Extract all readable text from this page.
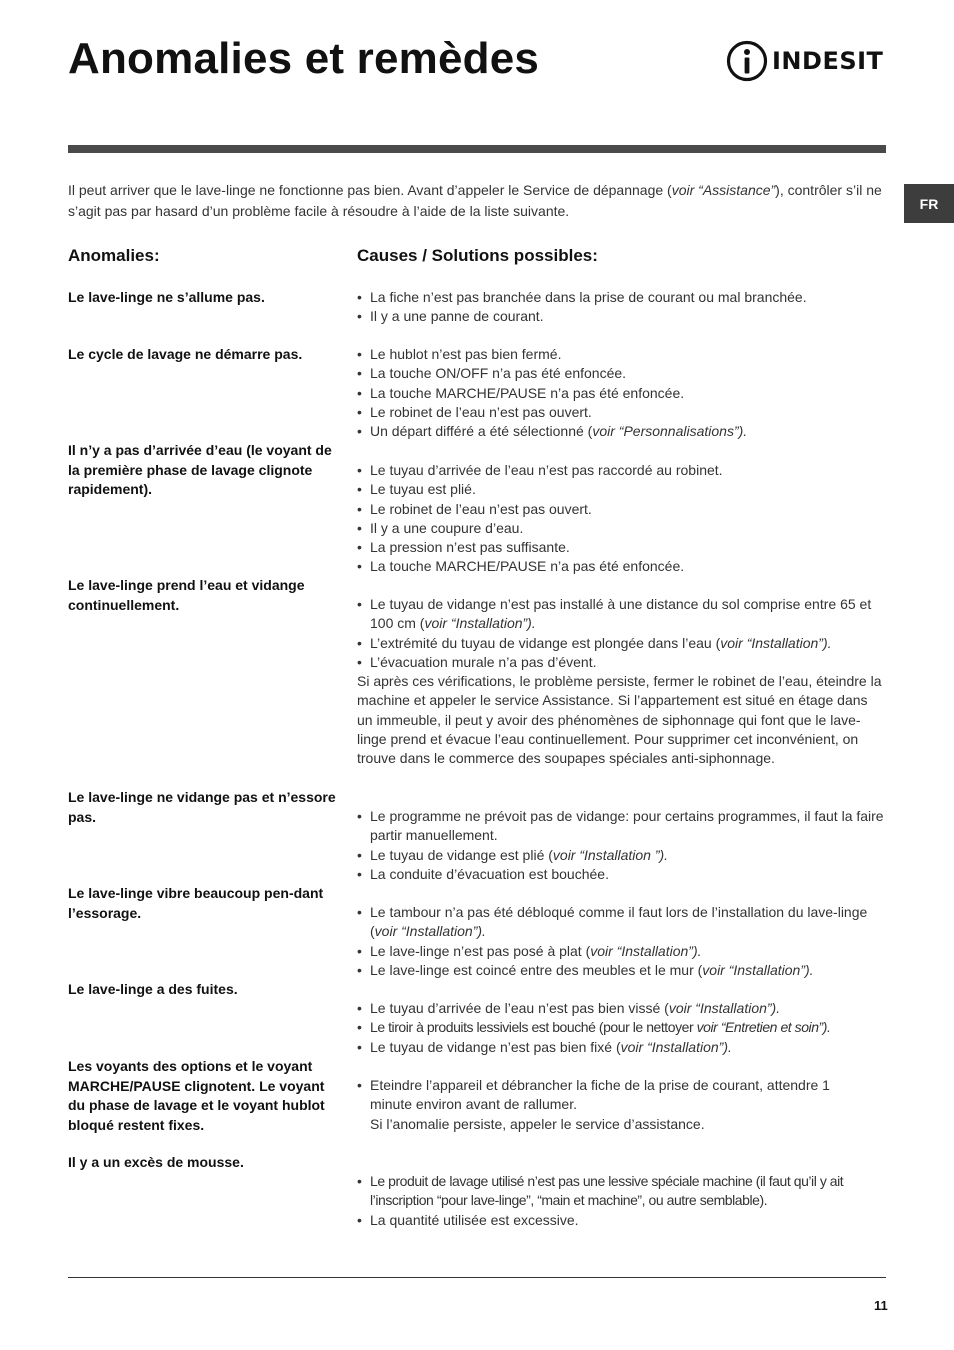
Anomalies et remèdes	INDESIT
FR

Il peut arriver que le lave-linge ne fonctionne pas bien. Avant d’appeler le Service de dépannage (voir “Assistance”), contrôler s’il ne s’agit pas par hasard d’un problème facile à résoudre à l’aide de la liste suivante.

Anomalies:	Causes / Solutions possibles:

Le lave-linge ne s’allume pas.	• La fiche n’est pas branchée dans la prise de courant ou mal branchée.
• Il y a une panne de courant.

Le cycle de lavage ne démarre pas.	• Le hublot n’est pas bien fermé.
• La touche ON/OFF n’a pas été enfoncée.
• La touche MARCHE/PAUSE n’a pas été enfoncée.
• Le robinet de l’eau n’est pas ouvert.
• Un départ différé a été sélectionné (voir “Personnalisations”).

Il n’y a pas d’arrivée d’eau (le voyant de la première phase de lavage clignote rapidement).

• Le tuyau d’arrivée de l’eau n’est pas raccordé au robinet.
• Le tuyau est plié.
• Le robinet de l’eau n’est pas ouvert.
• Il y a une coupure d’eau.
• La pression n’est pas suffisante.
• La touche MARCHE/PAUSE n’a pas été enfoncée.

Le lave-linge prend l’eau et vidange continuellement.	• Le tuyau de vidange n’est pas installé à une distance du sol comprise entre 65 et 100 cm (voir “Installation”).
• L’extrémité du tuyau de vidange est plongée dans l’eau (voir “Installation”).
• L’évacuation murale n’a pas d’évent.
Si après ces vérifications, le problème persiste, fermer le robinet de l’eau, éteindre la machine et appeler le service Assistance. Si l’appartement est situé en étage dans un immeuble, il peut y avoir des phénomènes de siphonnage qui font que le lave-linge prend et évacue l’eau continuellement. Pour supprimer cet inconvénient, on trouve dans le commerce des soupapes spéciales anti-siphonnage.

Le lave-linge ne vidange pas et n’essore pas.	• Le programme ne prévoit pas de vidange: pour certains programmes, il faut la faire partir manuellement.
• Le tuyau de vidange est plié (voir “Installation ”).
• La conduite d’évacuation est bouchée.

Le lave-linge vibre beaucoup pen-dant l’essorage.	• Le tambour n’a pas été débloqué comme il faut lors de l’installation du lave-linge (voir “Installation”).
• Le lave-linge n’est pas posé à plat (voir “Installation”).
• Le lave-linge est coincé entre des meubles et le mur (voir “Installation”).

Le lave-linge a des fuites.

• Le tuyau d’arrivée de l’eau n’est pas bien vissé (voir “Installation”).
• Le tiroir à produits lessiviels est bouché (pour le nettoyer voir “Entretien et soin”).
• Le tuyau de vidange n’est pas bien fixé (voir “Installation”).

Les voyants des options et le voyant MARCHE/PAUSE clignotent. Le voyant du phase de lavage et le voyant hublot bloqué restent fixes.

• Eteindre l’appareil et débrancher la fiche de la prise de courant, attendre 1 minute environ avant de rallumer.
Si l’anomalie persiste, appeler le service d’assistance.

Il y a un excès de mousse.

• Le produit de lavage utilisé n’est pas une lessive spéciale machine (il faut qu’il y ait l’inscription “pour lave-linge”, “main et machine”, ou autre semblable).
• La quantité utilisée est excessive.
11
